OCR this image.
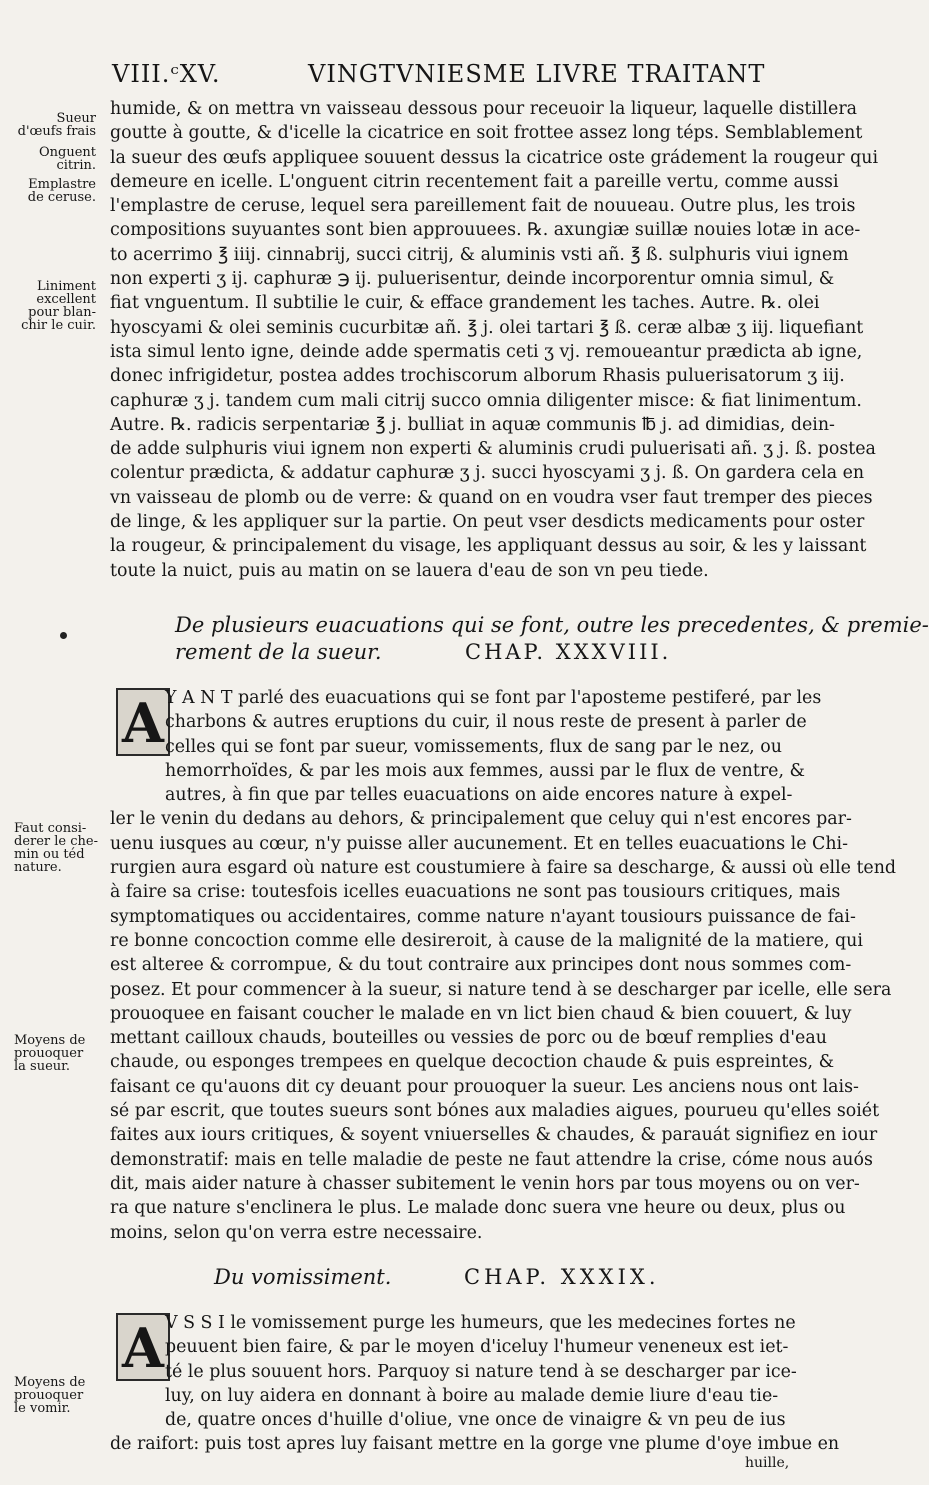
VIII.ᶜXV.	VINGTVNIESME LIVRE TRAITANT
Sueur
d'œufs frais
Onguent
citrin.
Emplastre
de ceruse.
Liniment
excellent
pour blan-
chir le cuir.
Faut consi-
derer le che-
min ou téd
nature.
Moyens de
prouoquer
la sueur.
Moyens de
prouoquer
le vomir.
humide, & on mettra vn vaisseau dessous pour receuoir la liqueur, laquelle distillera
goutte à goutte, & d'icelle la cicatrice en soit frottee assez long téps. Semblablement
la sueur des œufs appliquee souuent dessus la cicatrice oste grádement la rougeur qui
demeure en icelle. L'onguent citrin recentement fait a pareille vertu, comme aussi
l'emplastre de ceruse, lequel sera pareillement fait de nouueau. Outre plus, les trois
compositions suyuantes sont bien approuuees. ℞. axungiæ suillæ nouies lotæ in ace-
to acerrimo ℥ iiij. cinnabrij, succi citrij, & aluminis vsti añ. ℥ ß. sulphuris viui ignem
non experti ʒ ij. caphuræ ℈ ij. puluerisentur, deinde incorporentur omnia simul, &
fiat vnguentum. Il subtilie le cuir, & efface grandement les taches. Autre. ℞. olei
hyoscyami & olei seminis cucurbitæ añ. ℥ j. olei tartari ℥ ß. ceræ albæ ʒ iij. liquefiant
ista simul lento igne, deinde adde spermatis ceti ʒ vj. remoueantur prædicta ab igne,
donec infrigidetur, postea addes trochiscorum alborum Rhasis puluerisatorum ʒ iij.
caphuræ ʒ j. tandem cum mali citrij succo omnia diligenter misce: & fiat linimentum.
Autre. ℞. radicis serpentariæ ℥ j. bulliat in aquæ communis ℔ j. ad dimidias, dein-
de adde sulphuris viui ignem non experti & aluminis crudi puluerisati añ. ʒ j. ß. postea
colentur prædicta, & addatur caphuræ ʒ j. succi hyoscyami ʒ j. ß. On gardera cela en
vn vaisseau de plomb ou de verre: & quand on en voudra vser faut tremper des pieces
de linge, & les appliquer sur la partie. On peut vser desdicts medicaments pour oster
la rougeur, & principalement du visage, les appliquant dessus au soir, & les y laissant
toute la nuict, puis au matin on se lauera d'eau de son vn peu tiede.
De plusieurs euacuations qui se font, outre les precedentes, & premie-
rement de la sueur.	CHAP. XXXVIII.
A Y A N T parlé des euacuations qui se font par l'aposteme pestiferé, par les
charbons & autres eruptions du cuir, il nous reste de present à parler de
celles qui se font par sueur, vomissements, flux de sang par le nez, ou
hemorrhoïdes, & par les mois aux femmes, aussi par le flux de ventre, &
autres, à fin que par telles euacuations on aide encores nature à expel-
ler le venin du dedans au dehors, & principalement que celuy qui n'est encores par-
uenu iusques au cœur, n'y puisse aller aucunement. Et en telles euacuations le Chi-
rurgien aura esgard où nature est coustumiere à faire sa descharge, & aussi où elle tend
à faire sa crise: toutesfois icelles euacuations ne sont pas tousiours critiques, mais
symptomatiques ou accidentaires, comme nature n'ayant tousiours puissance de fai-
re bonne concoction comme elle desireroit, à cause de la malignité de la matiere, qui
est alteree & corrompue, & du tout contraire aux principes dont nous sommes com-
posez. Et pour commencer à la sueur, si nature tend à se descharger par icelle, elle sera
prouoquee en faisant coucher le malade en vn lict bien chaud & bien couuert, & luy
mettant cailloux chauds, bouteilles ou vessies de porc ou de bœuf remplies d'eau
chaude, ou esponges trempees en quelque decoction chaude & puis espreintes, &
faisant ce qu'auons dit cy deuant pour prouoquer la sueur. Les anciens nous ont lais-
sé par escrit, que toutes sueurs sont bónes aux maladies aigues, pourueu qu'elles soiét
faites aux iours critiques, & soyent vniuerselles & chaudes, & parauát signifiez en iour
demonstratif: mais en telle maladie de peste ne faut attendre la crise, cóme nous auós
dit, mais aider nature à chasser subitement le venin hors par tous moyens ou on ver-
ra que nature s'enclinera le plus. Le malade donc suera vne heure ou deux, plus ou
moins, selon qu'on verra estre necessaire.
Du vomissiment.	CHAP. XXXIX.
A V S S I le vomissement purge les humeurs, que les medecines fortes ne
peuuent bien faire, & par le moyen d'iceluy l'humeur veneneux est iet-
té le plus souuent hors. Parquoy si nature tend à se descharger par ice-
luy, on luy aidera en donnant à boire au malade demie liure d'eau tie-
de, quatre onces d'huille d'oliue, vne once de vinaigre & vn peu de ius
de raifort: puis tost apres luy faisant mettre en la gorge vne plume d'oye imbue en
huille,
